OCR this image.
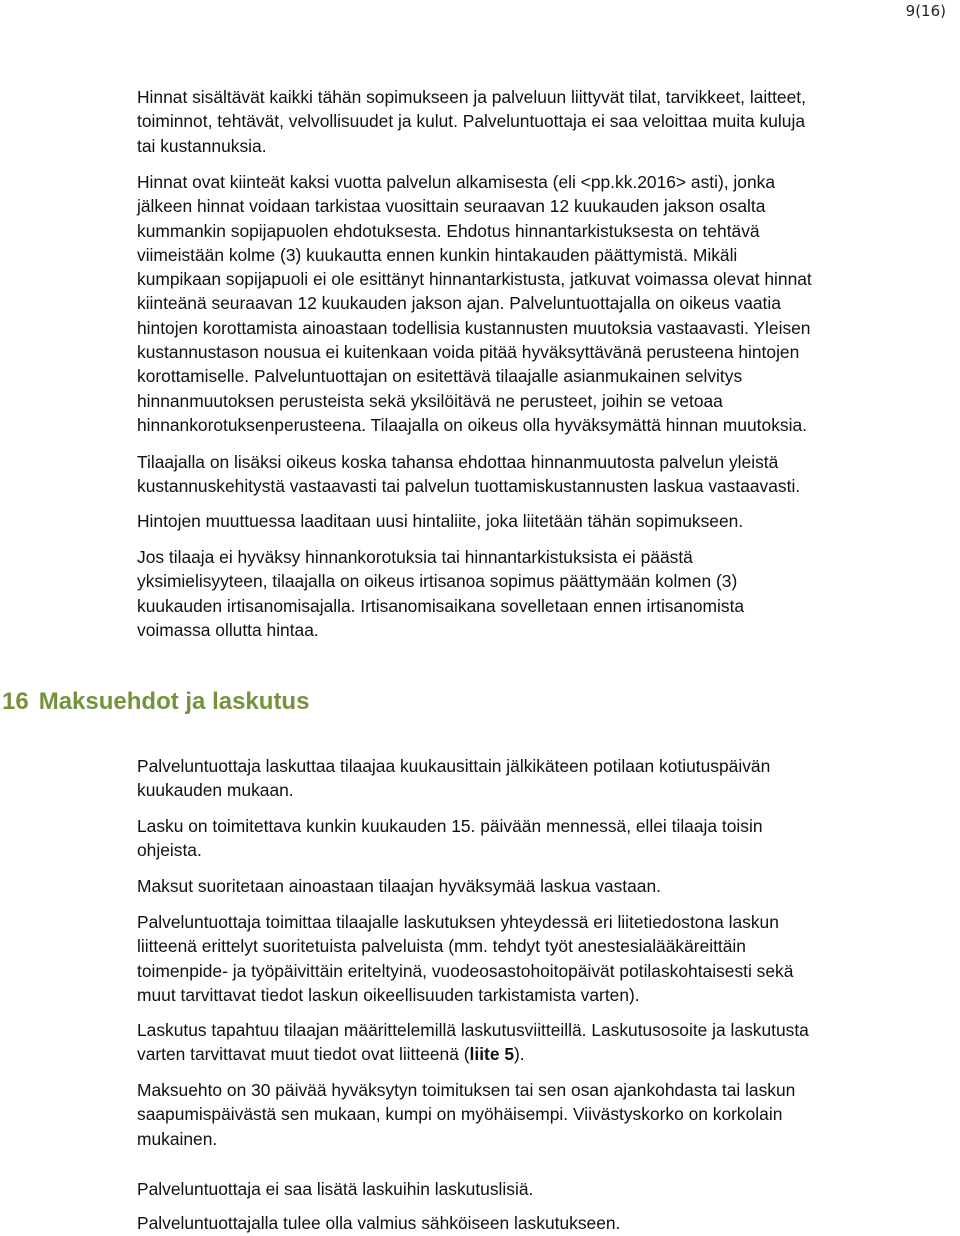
9(16)

Hinnat sisältävät kaikki tähän sopimukseen ja palveluun liittyvät tilat, tarvikkeet, laitteet,
toiminnot, tehtävät, velvollisuudet ja kulut. Palveluntuottaja ei saa veloittaa muita kuluja
tai kustannuksia.

Hinnat ovat kiinteät kaksi vuotta palvelun alkamisesta (eli <pp.kk.2016> asti), jonka
jälkeen hinnat voidaan tarkistaa vuosittain seuraavan 12 kuukauden jakson osalta
kummankin sopijapuolen ehdotuksesta. Ehdotus hinnantarkistuksesta on tehtävä
viimeistään kolme (3) kuukautta ennen kunkin hintakauden päättymistä. Mikäli
kumpikaan sopijapuoli ei ole esittänyt hinnantarkistusta, jatkuvat voimassa olevat hinnat
kiinteänä seuraavan 12 kuukauden jakson ajan. Palveluntuottajalla on oikeus vaatia
hintojen korottamista ainoastaan todellisia kustannusten muutoksia vastaavasti. Yleisen
kustannustason nousua ei kuitenkaan voida pitää hyväksyttävänä perusteena hintojen
korottamiselle. Palveluntuottajan on esitettävä tilaajalle asianmukainen selvitys
hinnanmuutoksen perusteista sekä yksilöitävä ne perusteet, joihin se vetoaa
hinnankorotuksenperusteena. Tilaajalla on oikeus olla hyväksymättä hinnan muutoksia.

Tilaajalla on lisäksi oikeus koska tahansa ehdottaa hinnanmuutosta palvelun yleistä
kustannuskehitystä vastaavasti tai palvelun tuottamiskustannusten laskua vastaavasti.

Hintojen muuttuessa laaditaan uusi hintaliite, joka liitetään tähän sopimukseen.

Jos tilaaja ei hyväksy hinnankorotuksia tai hinnantarkistuksista ei päästä
yksimielisyyteen, tilaajalla on oikeus irtisanoa sopimus päättymään kolmen (3)
kuukauden irtisanomisajalla. Irtisanomisaikana sovelletaan ennen irtisanomista
voimassa ollutta hintaa.

16 Maksuehdot ja laskutus

Palveluntuottaja laskuttaa tilaajaa kuukausittain jälkikäteen potilaan kotiutuspäivän
kuukauden mukaan.

Lasku on toimitettava kunkin kuukauden 15. päivään mennessä, ellei tilaaja toisin
ohjeista.

Maksut suoritetaan ainoastaan tilaajan hyväksymää laskua vastaan.

Palveluntuottaja toimittaa tilaajalle laskutuksen yhteydessä eri liitetiedostona laskun
liitteenä erittelyt suoritetuista palveluista (mm. tehdyt työt anestesialääkäreittäin
toimenpide- ja työpäivittäin eriteltyinä, vuodeosastohoitopäivät potilaskohtaisesti sekä
muut tarvittavat tiedot laskun oikeellisuuden tarkistamista varten).

Laskutus tapahtuu tilaajan määrittelemillä laskutusviitteillä. Laskutusosoite ja laskutusta
varten tarvittavat muut tiedot ovat liitteenä (liite 5).

Maksuehto on 30 päivää hyväksytyn toimituksen tai sen osan ajankohdasta tai laskun
saapumispäivästä sen mukaan, kumpi on myöhäisempi. Viivästyskorko on korkolain
mukainen.

Palveluntuottaja ei saa lisätä laskuihin laskutuslisiä.

Palveluntuottajalla tulee olla valmius sähköiseen laskutukseen.
